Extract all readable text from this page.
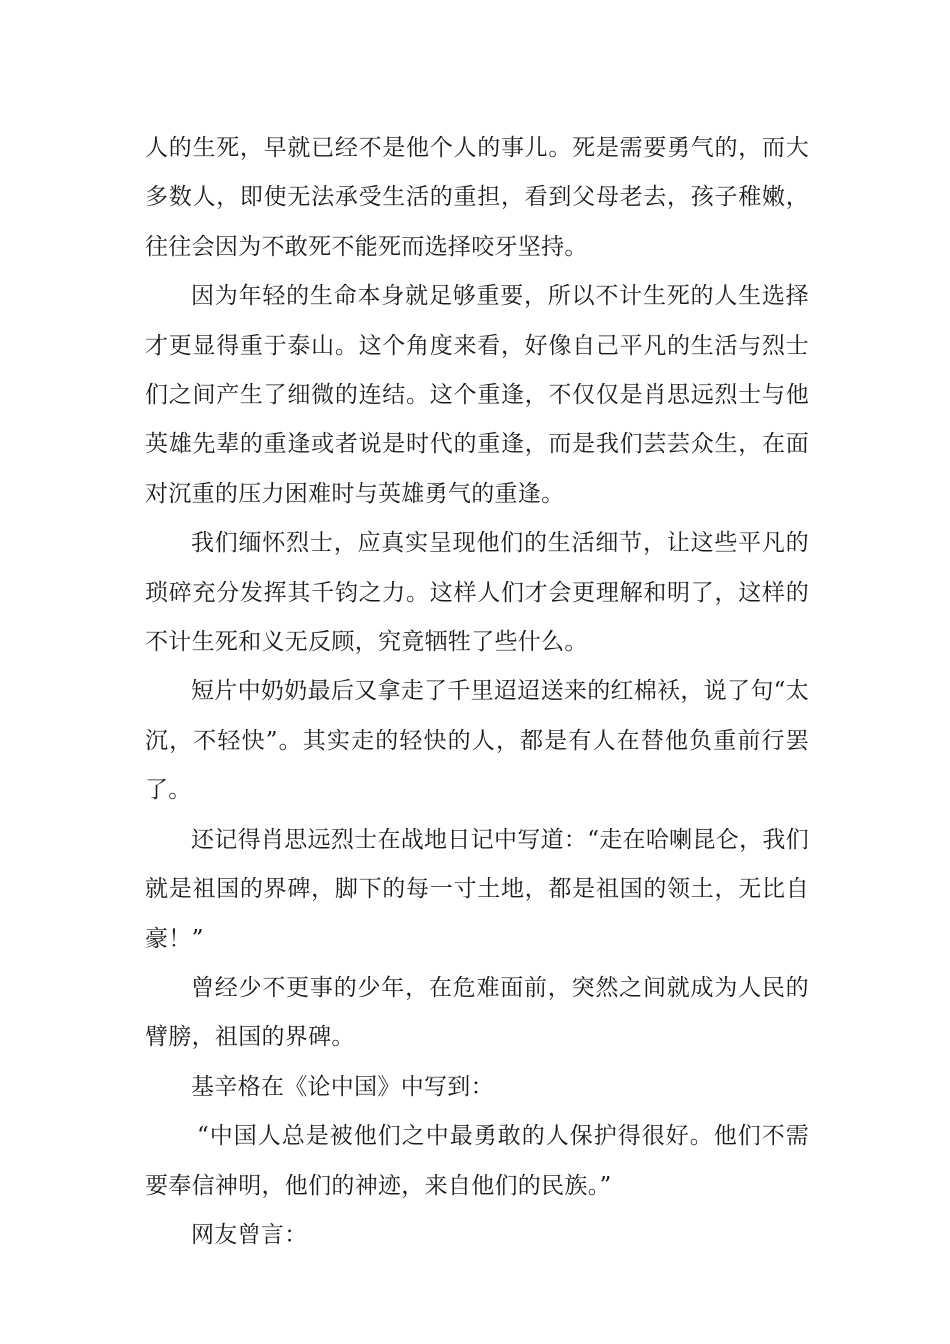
人的生死，早就已经不是他个人的事儿。死是需要勇气的，而大多数人，即使无法承受生活的重担，看到父母老去，孩子稚嫩，往往会因为不敢死不能死而选择咬牙坚持。

因为年轻的生命本身就足够重要，所以不计生死的人生选择才更显得重于泰山。这个角度来看，好像自己平凡的生活与烈士们之间产生了细微的连结。这个重逢，不仅仅是肖思远烈士与他英雄先辈的重逢或者说是时代的重逢，而是我们芸芸众生，在面对沉重的压力困难时与英雄勇气的重逢。

我们缅怀烈士，应真实呈现他们的生活细节，让这些平凡的琐碎充分发挥其千钧之力。这样人们才会更理解和明了，这样的不计生死和义无反顾，究竟牺牲了些什么。

短片中奶奶最后又拿走了千里迢迢送来的红棉袄，说了句“太沉，不轻快”。其实走的轻快的人，都是有人在替他负重前行罢了。

还记得肖思远烈士在战地日记中写道：“走在哈喇昆仑，我们就是祖国的界碑，脚下的每一寸土地，都是祖国的领土，无比自豪！”

曾经少不更事的少年，在危难面前，突然之间就成为人民的臂膀，祖国的界碑。

基辛格在《论中国》中写到：

“中国人总是被他们之中最勇敢的人保护得很好。他们不需要奉信神明，他们的神迹，来自他们的民族。”

网友曾言：
